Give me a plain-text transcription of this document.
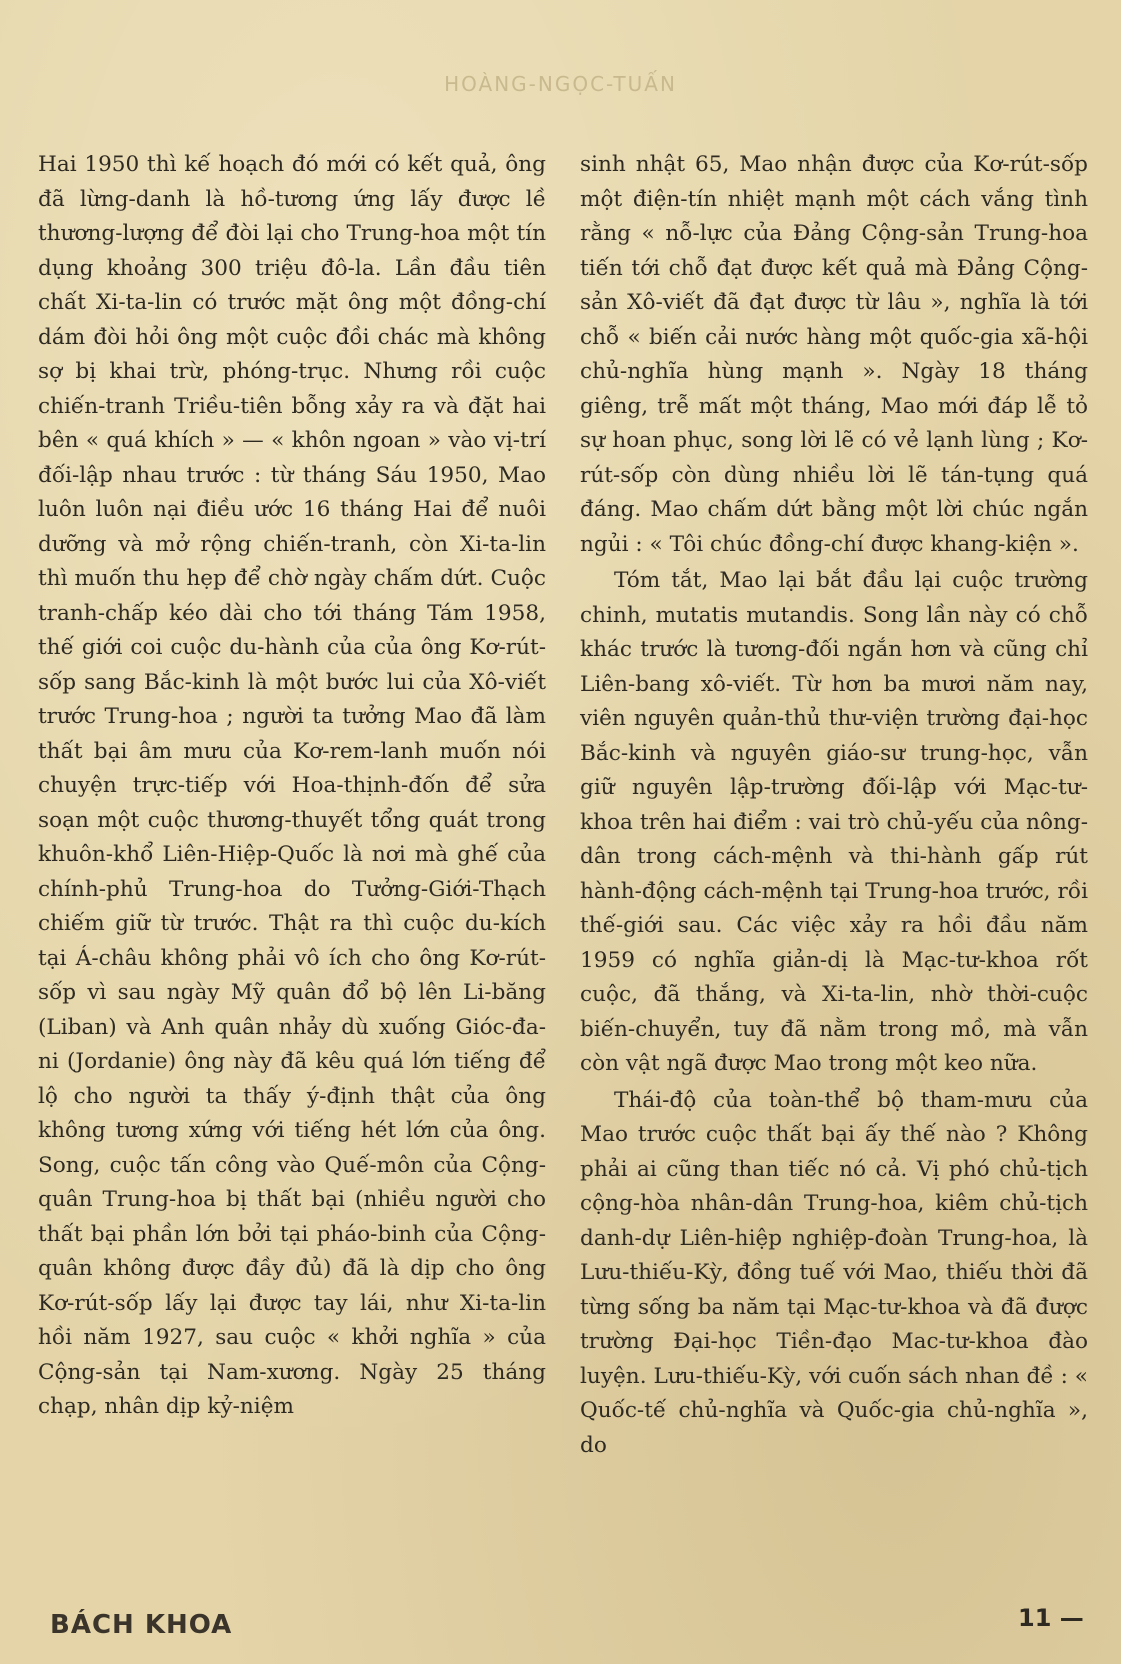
HOÀNG-NGỌC-TUẤN

Hai 1950 thì kế hoạch đó mới có kết quả, ông đã lừng-danh là hồ-tương ứng lấy được lề thương-lượng để đòi lại cho Trung-hoa một tín dụng khoảng 300 triệu đô-la. Lần đầu tiên chất Xi-ta-lin có trước mặt ông một đồng-chí dám đòi hỏi ông một cuộc đồi chác mà không sợ bị khai trừ, phóng-trục. Nhưng rồi cuộc chiến-tranh Triều-tiên bỗng xảy ra và đặt hai bên « quá khích » — « khôn ngoan » vào vị-trí đối-lập nhau trước : từ tháng Sáu 1950, Mao luôn luôn nại điều ước 16 tháng Hai để nuôi dưỡng và mở rộng chiến-tranh, còn Xi-ta-lin thì muốn thu hẹp để chờ ngày chấm dứt. Cuộc tranh-chấp kéo dài cho tới tháng Tám 1958, thế giới coi cuộc du-hành của của ông Kơ-rút-sốp sang Bắc-kinh là một bước lui của Xô-viết trước Trung-hoa ; người ta tưởng Mao đã làm thất bại âm mưu của Kơ-rem-lanh muốn nói chuyện trực-tiếp với Hoa-thịnh-đốn để sửa soạn một cuộc thương-thuyết tổng quát trong khuôn-khổ Liên-Hiệp-Quốc là nơi mà ghế của chính-phủ Trung-hoa do Tưởng-Giới-Thạch chiếm giữ từ trước. Thật ra thì cuộc du-kích tại Á-châu không phải vô ích cho ông Kơ-rút-sốp vì sau ngày Mỹ quân đổ bộ lên Li-băng (Liban) và Anh quân nhảy dù xuống Gióc-đa-ni (Jordanie) ông này đã kêu quá lớn tiếng để lộ cho người ta thấy ý-định thật của ông không tương xứng với tiếng hét lớn của ông. Song, cuộc tấn công vào Quế-môn của Cộng-quân Trung-hoa bị thất bại (nhiều người cho thất bại phần lớn bởi tại pháo-binh của Cộng-quân không được đầy đủ) đã là dịp cho ông Kơ-rút-sốp lấy lại được tay lái, như Xi-ta-lin hồi năm 1927, sau cuộc « khởi nghĩa » của Cộng-sản tại Nam-xương. Ngày 25 tháng chạp, nhân dịp kỷ-niệm

sinh nhật 65, Mao nhận được của Kơ-rút-sốp một điện-tín nhiệt mạnh một cách vắng tình rằng « nỗ-lực của Đảng Cộng-sản Trung-hoa tiến tới chỗ đạt được kết quả mà Đảng Cộng-sản Xô-viết đã đạt được từ lâu », nghĩa là tới chỗ « biến cải nước hàng một quốc-gia xã-hội chủ-nghĩa hùng mạnh ». Ngày 18 tháng giêng, trễ mất một tháng, Mao mới đáp lễ tỏ sự hoan phục, song lời lẽ có vẻ lạnh lùng ; Kơ-rút-sốp còn dùng nhiều lời lẽ tán-tụng quá đáng. Mao chấm dứt bằng một lời chúc ngắn ngủi : « Tôi chúc đồng-chí được khang-kiện ».

Tóm tắt, Mao lại bắt đầu lại cuộc trường chinh, mutatis mutandis. Song lần này có chỗ khác trước là tương-đối ngắn hơn và cũng chỉ Liên-bang xô-viết. Từ hơn ba mươi năm nay, viên nguyên quản-thủ thư-viện trường đại-học Bắc-kinh và nguyên giáo-sư trung-học, vẫn giữ nguyên lập-trường đối-lập với Mạc-tư-khoa trên hai điểm : vai trò chủ-yếu của nông-dân trong cách-mệnh và thi-hành gấp rút hành-động cách-mệnh tại Trung-hoa trước, rồi thế-giới sau. Các việc xảy ra hồi đầu năm 1959 có nghĩa giản-dị là Mạc-tư-khoa rốt cuộc, đã thắng, và Xi-ta-lin, nhờ thời-cuộc biến-chuyển, tuy đã nằm trong mồ, mà vẫn còn vật ngã được Mao trong một keo nữa.

Thái-độ của toàn-thể bộ tham-mưu của Mao trước cuộc thất bại ấy thế nào ? Không phải ai cũng than tiếc nó cả. Vị phó chủ-tịch cộng-hòa nhân-dân Trung-hoa, kiêm chủ-tịch danh-dự Liên-hiệp nghiệp-đoàn Trung-hoa, là Lưu-thiếu-Kỳ, đồng tuế với Mao, thiếu thời đã từng sống ba năm tại Mạc-tư-khoa và đã được trường Đại-học Tiền-đạo Mac-tư-khoa đào luyện. Lưu-thiếu-Kỳ, với cuốn sách nhan đề : « Quốc-tế chủ-nghĩa và Quốc-gia chủ-nghĩa », do

BÁCH KHOA	11 —
